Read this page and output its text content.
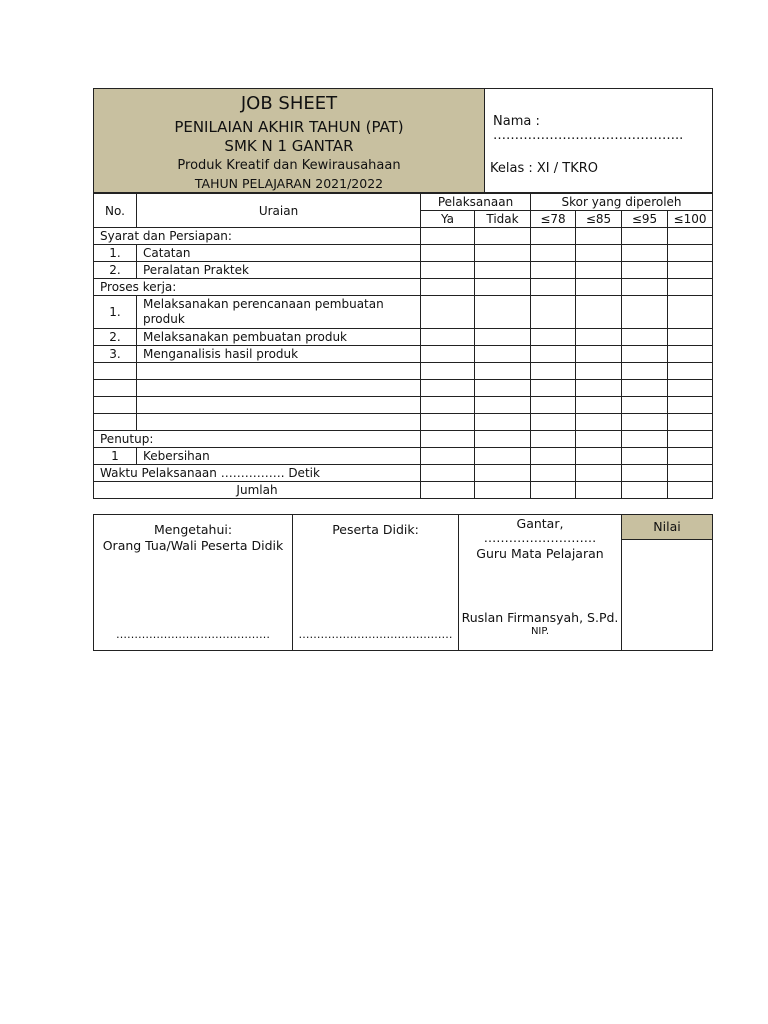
JOB SHEET
PENILAIAN AKHIR TAHUN (PAT)
SMK N 1 GANTAR
Produk Kreatif dan Kewirausahaan
TAHUN PELAJARAN 2021/2022

Nama : ……………………………………..
Kelas : XI / TKRO
No.	Uraian	Pelaksanaan		Skor yang diperoleh			
		Ya	Tidak	≤78	≤85	≤95	≤100
Syarat dan Persiapan:							
1.	Catatan						
2.	Peralatan Praktek						
Proses kerja:							
1.	Melaksanakan perencanaan pembuatan produk						
2.	Melaksanakan pembuatan produk						
3.	Menganalisis hasil produk						

Penutup:							
1	Kebersihan						
Waktu Pelaksanaan ……………. Detik							
Jumlah							
Mengetahui:
Orang Tua/Wali Peserta Didik
……………………………………

Peserta Didik:
……………………………………

Gantar, ………………………
Guru Mata Pelajaran
Ruslan Firmansyah, S.Pd.
NIP.
	Nilai
